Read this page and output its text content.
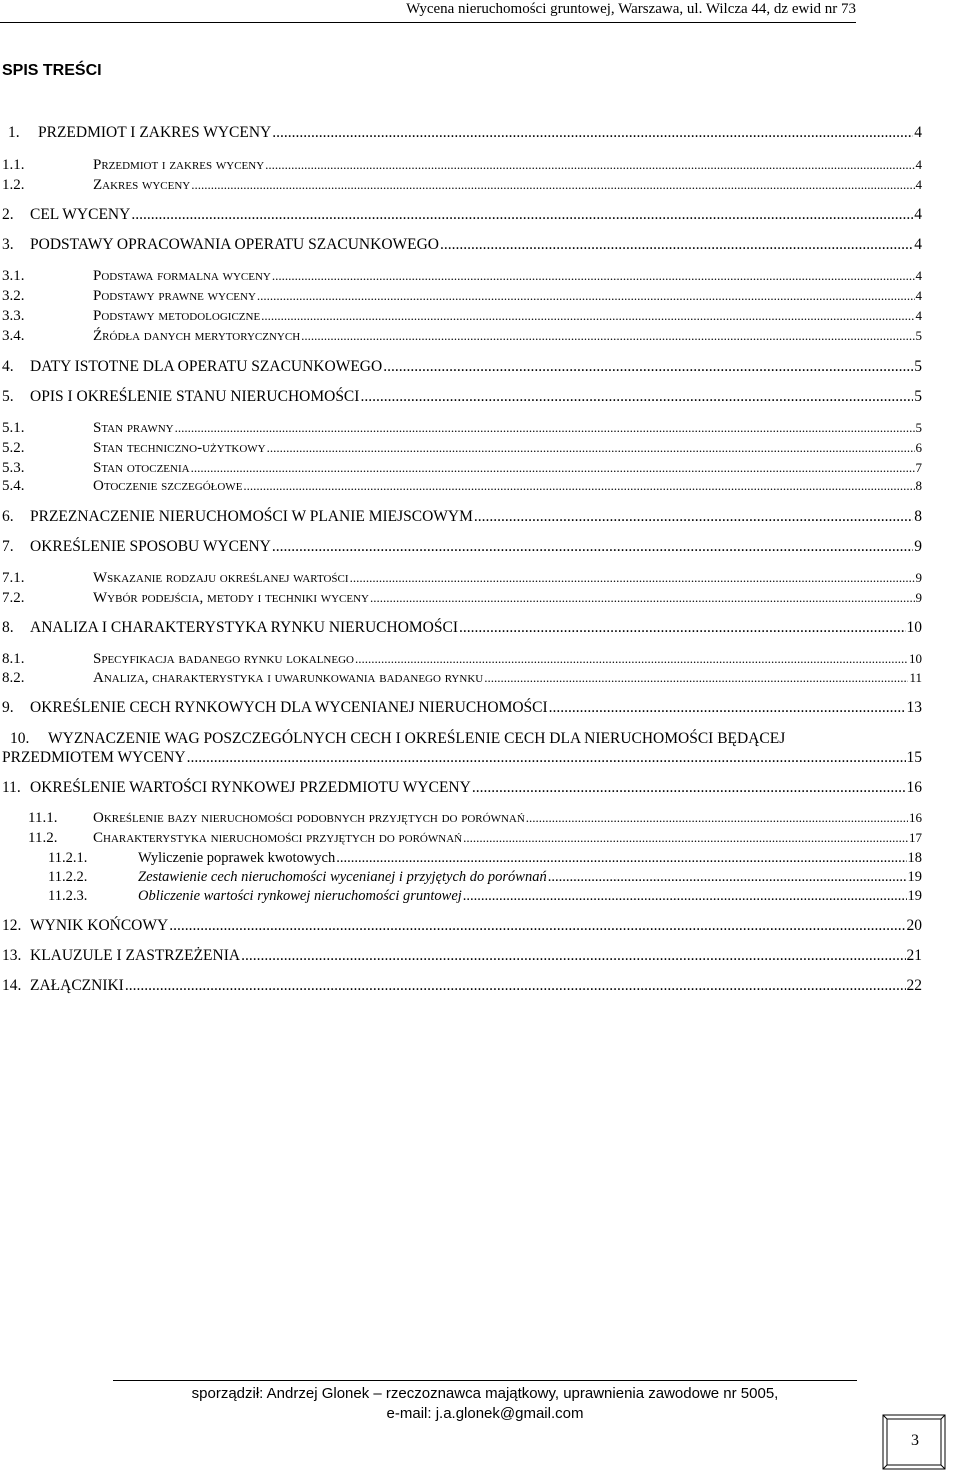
Wycena nieruchomości gruntowej, Warszawa, ul. Wilcza 44, dz ewid nr 73
SPIS TREŚCI
1.	PRZEDMIOT I ZAKRES WYCENY .....	4
1.1.	Przedmiot i zakres wyceny .....	4
1.2.	Zakres wyceny .....	4
2.	CEL WYCENY .....	4
3.	PODSTAWY OPRACOWANIA OPERATU SZACUNKOWEGO .....	4
3.1.	Podstawa formalna wyceny .....	4
3.2.	Podstawy prawne wyceny .....	4
3.3.	Podstawy metodologiczne .....	4
3.4.	Źródła danych merytorycznych .....	5
4.	DATY ISTOTNE DLA OPERATU SZACUNKOWEGO .....	5
5.	OPIS I OKREŚLENIE STANU NIERUCHOMOŚCI .....	5
5.1.	Stan prawny .....	5
5.2.	Stan techniczno-użytkowy .....	6
5.3.	Stan otoczenia .....	7
5.4.	Otoczenie szczegółowe .....	8
6.	PRZEZNACZENIE NIERUCHOMOŚCI W PLANIE MIEJSCOWYM .....	8
7.	OKREŚLENIE SPOSOBU WYCENY .....	9
7.1.	Wskazanie rodzaju określanej wartości .....	9
7.2.	Wybór podejścia, metody i techniki wyceny .....	9
8.	ANALIZA I CHARAKTERYSTYKA RYNKU NIERUCHOMOŚCI .....	10
8.1.	Specyfikacja badanego rynku lokalnego .....	10
8.2.	Analiza, charakterystyka i uwarunkowania badanego rynku .....	11
9.	OKREŚLENIE CECH RYNKOWYCH DLA WYCENIANEJ NIERUCHOMOŚCI .....	13
10.	WYZNACZENIE WAG POSZCZEGÓLNYCH CECH I OKREŚLENIE CECH DLA NIERUCHOMOŚCI BĘDĄCEJ
PRZEDMIOTEM WYCENY .....	15
11. OKREŚLENIE WARTOŚCI RYNKOWEJ PRZEDMIOTU WYCENY .....	16
11.1.	Określenie bazy nieruchomości podobnych przyjętych do porównań .....	16
11.2.	Charakterystyka nieruchomości przyjętych do porównań .....	17
11.2.1.	Wyliczenie poprawek kwotowych .....	18
11.2.2.	Zestawienie cech nieruchomości wycenianej i przyjętych do porównań .....	19
11.2.3.	Obliczenie wartości rynkowej nieruchomości gruntowej .....	19
12. WYNIK KOŃCOWY .....	20
13. KLAUZULE I ZASTRZEŻENIA .....	21
14. ZAŁĄCZNIKI .....	22
sporządził: Andrzej Glonek – rzeczoznawca majątkowy, uprawnienia zawodowe nr 5005,
e-mail: j.a.glonek@gmail.com
3
